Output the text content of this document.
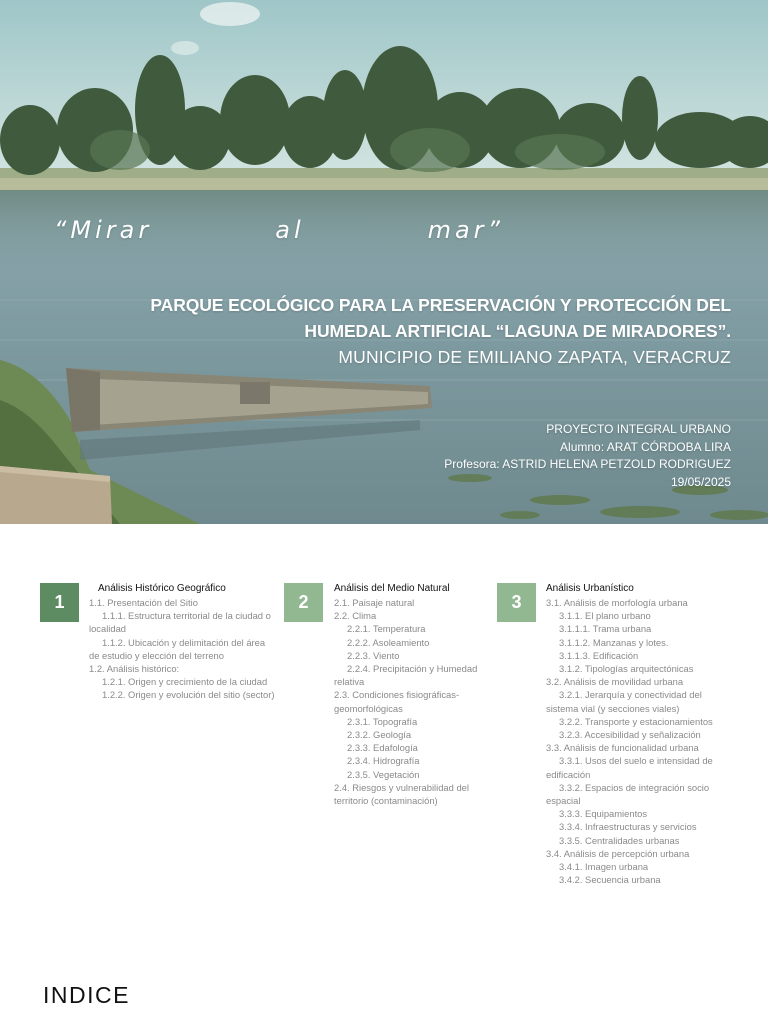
“Mirar	al	mar”
PARQUE ECOLÓGICO PARA LA PRESERVACIÓN Y PROTECCIÓN DEL
HUMEDAL ARTIFICIAL “LAGUNA DE MIRADORES”.
MUNICIPIO DE EMILIANO ZAPATA, VERACRUZ
PROYECTO INTEGRAL URBANO
Alumno: ARAT CÓRDOBA LIRA
Profesora: ASTRID HELENA PETZOLD RODRIGUEZ
19/05/2025
1
Análisis Histórico Geográfico
1.1. Presentación del Sitio
1.1.1. Estructura territorial de la ciudad o localidad
1.1.2. Ubicación y delimitación del área de estudio y elección del terreno
1.2. Análisis histórico:
1.2.1. Origen y crecimiento de la ciudad
1.2.2. Origen y evolución del sitio (sector)
2
Análisis del Medio Natural
2.1. Paisaje natural
2.2. Clima
2.2.1. Temperatura
2.2.2. Asoleamiento
2.2.3. Viento
2.2.4. Precipitación y Humedad relativa
2.3. Condiciones fisiográficas-geomorfológicas
2.3.1. Topografía
2.3.2. Geología
2.3.3. Edafología
2.3.4. Hidrografía
2.3.5. Vegetación
2.4. Riesgos y vulnerabilidad del territorio (contaminación)
3
Análisis Urbanístico
3.1. Análisis de morfología urbana
3.1.1. El plano urbano
3.1.1.1. Trama urbana
3.1.1.2. Manzanas y lotes.
3.1.1.3. Edificación
3.1.2. Tipologías arquitectónicas
3.2. Análisis de movilidad urbana
3.2.1. Jerarquía y conectividad del sistema vial (y secciones viales)
3.2.2. Transporte y estacionamientos
3.2.3. Accesibilidad y señalización
3.3. Análisis de funcionalidad urbana
3.3.1. Usos del suelo e intensidad de edificación
3.3.2. Espacios de integración socio espacial
3.3.3. Equipamientos
3.3.4. Infraestructuras y servicios
3.3.5. Centralidades urbanas
3.4. Análisis de percepción urbana
3.4.1. Imagen urbana
3.4.2. Secuencia urbana
INDICE
